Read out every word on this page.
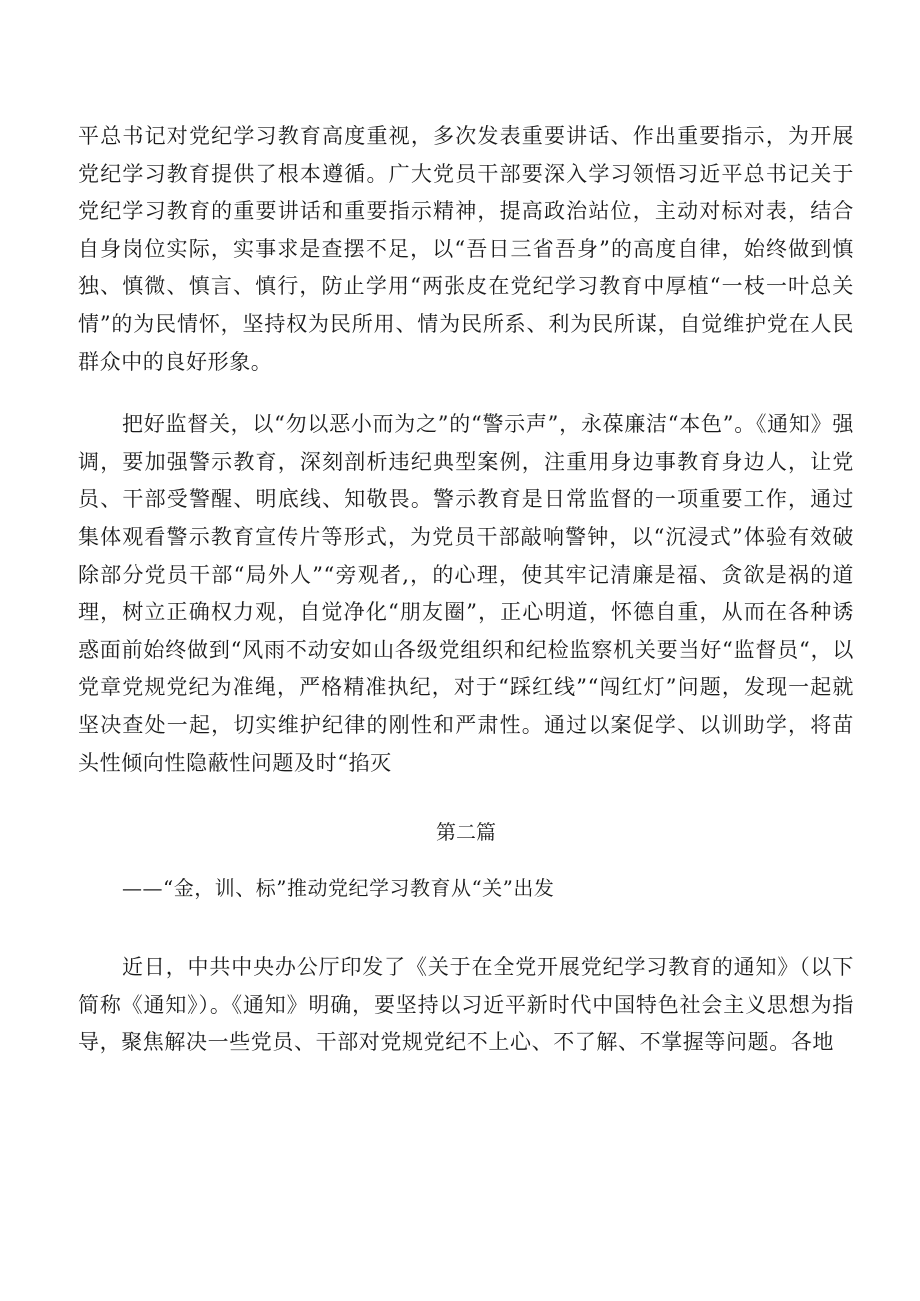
平总书记对党纪学习教育高度重视，多次发表重要讲话、作出重要指示，为开展党纪学习教育提供了根本遵循。广大党员干部要深入学习领悟习近平总书记关于党纪学习教育的重要讲话和重要指示精神，提高政治站位，主动对标对表，结合自身岗位实际，实事求是查摆不足，以“吾日三省吾身”的高度自律，始终做到慎独、慎微、慎言、慎行，防止学用“两张皮在党纪学习教育中厚植“一枝一叶总关情”的为民情怀，坚持权为民所用、情为民所系、利为民所谋，自觉维护党在人民群众中的良好形象。

把好监督关，以“勿以恶小而为之”的“警示声”，永葆廉洁“本色”。《通知》强调，要加强警示教育，深刻剖析违纪典型案例，注重用身边事教育身边人，让党员、干部受警醒、明底线、知敬畏。警示教育是日常监督的一项重要工作，通过集体观看警示教育宣传片等形式，为党员干部敲响警钟，以“沉浸式”体验有效破除部分党员干部“局外人”“旁观者,，的心理，使其牢记清廉是福、贪欲是祸的道理，树立正确权力观，自觉净化“朋友圈”，正心明道，怀德自重，从而在各种诱惑面前始终做到“风雨不动安如山各级党组织和纪检监察机关要当好“监督员“，以党章党规党纪为准绳，严格精准执纪，对于“踩红线”“闯红灯”问题，发现一起就坚决查处一起，切实维护纪律的刚性和严肃性。通过以案促学、以训助学，将苗头性倾向性隐蔽性问题及时“掐灭

第二篇

——“金，训、标”推动党纪学习教育从“关”出发

近日，中共中央办公厅印发了《关于在全党开展党纪学习教育的通知》（以下简称《通知》）。《通知》明确，要坚持以习近平新时代中国特色社会主义思想为指导，聚焦解决一些党员、干部对党规党纪不上心、不了解、不掌握等问题。各地
